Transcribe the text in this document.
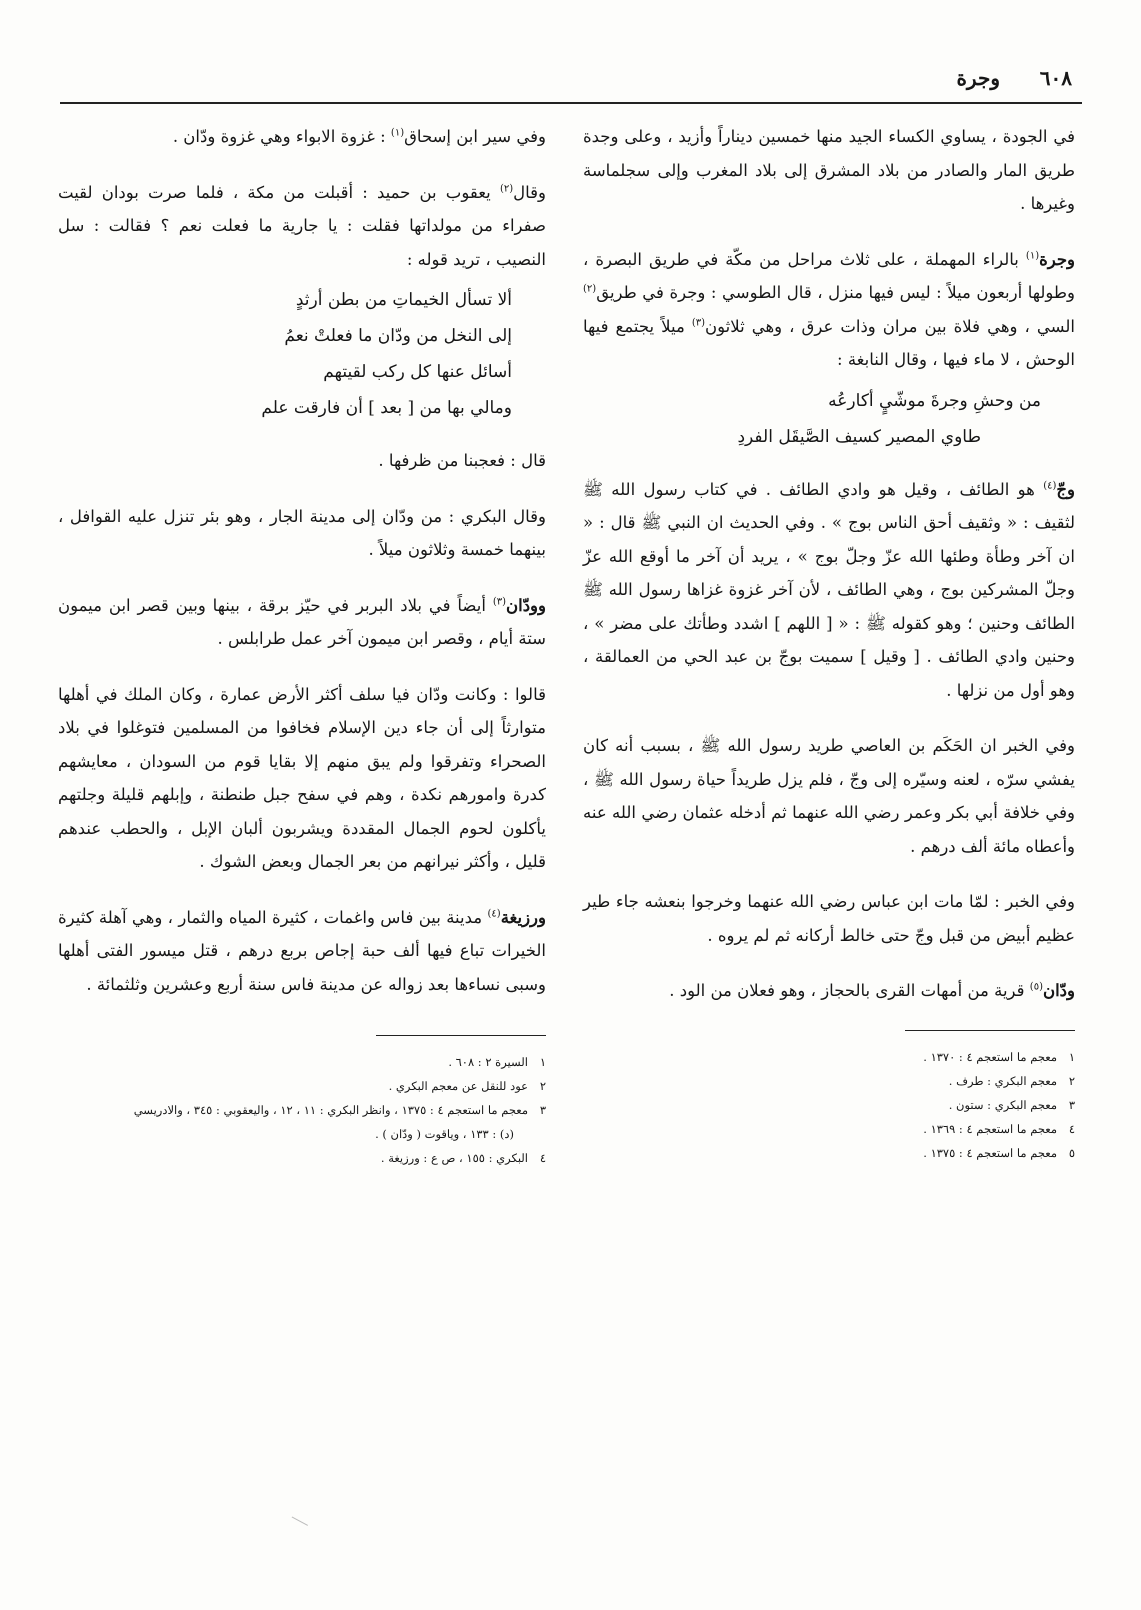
٦٠٨
وجرة

في الجودة ، يساوي الكساء الجيد منها خمسين ديناراً وأزيد ، وعلى وجدة طريق المار والصادر من بلاد المشرق إلى بلاد المغرب وإلى سجلماسة وغيرها .

وجرة$^{(١)}$ بالراء المهملة ، على ثلاث مراحل من مكّة في طريق البصرة ، وطولها أربعون ميلاً : ليس فيها منزل ، قال الطوسي : وجرة في طريق$^{(٢)}$ السي ، وهي فلاة بين مران وذات عرق ، وهي ثلاثون$^{(٣)}$ ميلاً يجتمع فيها الوحش ، لا ماء فيها ، وقال النابغة :

من وحشِ وجرةَ موشّيٍ أكارعُه
طاوي المصير كسيف الصَّيقَل الفردِ

وجّ$^{(٤)}$ هو الطائف ، وقيل هو وادي الطائف . في كتاب رسول الله ﷺ لثقيف : « وثقيف أحق الناس بوج » . وفي الحديث ان النبي ﷺ قال : « ان آخر وطأة وطئها الله عزّ وجلّ بوج » ، يريد أن آخر ما أوقع الله عزّ وجلّ المشركين بوج ، وهي الطائف ، لأن آخر غزوة غزاها رسول الله ﷺ الطائف وحنين ؛ وهو كقوله ﷺ : « [ اللهم ] اشدد وطأتك على مضر » ، وحنين وادي الطائف . [ وقيل ] سميت بوجّ بن عبد الحي من العمالقة ، وهو أول من نزلها .

وفي الخبر ان الحَكَم بن العاصي طريد رسول الله ﷺ ، بسبب أنه كان يفشي سرّه ، لعنه وسيّره إلى وجّ ، فلم يزل طريداً حياة رسول الله ﷺ ، وفي خلافة أبي بكر وعمر رضي الله عنهما ثم أدخله عثمان رضي الله عنه وأعطاه مائة ألف درهم .

وفي الخبر : لمّا مات ابن عباس رضي الله عنهما وخرجوا بنعشه جاء طير عظيم أبيض من قبل وجّ حتى خالط أركانه ثم لم يروه .

ودّان$^{(٥)}$ قرية من أمهات القرى بالحجاز ، وهو فعلان من الود .

١معجم ما استعجم ٤ : ١٣٧٠ .
٢معجم البكري : طرف .
٣معجم البكري : ستون .
٤معجم ما استعجم ٤ : ١٣٦٩ .
٥معجم ما استعجم ٤ : ١٣٧٥ .

وفي سير ابن إسحاق$^{(١)}$ : غزوة الابواء وهي غزوة ودّان .

وقال$^{(٢)}$ يعقوب بن حميد : أقبلت من مكة ، فلما صرت بودان لقيت صفراء من مولداتها فقلت : يا جارية ما فعلت نعم ؟ فقالت : سل النصيب ، تريد قوله :

ألا تسأل الخيماتِ من بطن أرثدٍ
إلى النخل من ودّان ما فعلتْ نعمُ
أسائل عنها كل ركب لقيتهم
ومالي بها من [ بعد ] أن فارقت علم

قال : فعجبنا من ظرفها .

وقال البكري : من ودّان إلى مدينة الجار ، وهو بئر تنزل عليه القوافل ، بينهما خمسة وثلاثون ميلاً .

وودّان$^{(٣)}$ أيضاً في بلاد البربر في حيّز برقة ، بينها وبين قصر ابن ميمون ستة أيام ، وقصر ابن ميمون آخر عمل طرابلس .

قالوا : وكانت ودّان فيا سلف أكثر الأرض عمارة ، وكان الملك في أهلها متوارثاً إلى أن جاء دين الإسلام فخافوا من المسلمين فتوغلوا في بلاد الصحراء وتفرقوا ولم يبق منهم إلا بقايا قوم من السودان ، معايشهم كدرة وامورهم نكدة ، وهم في سفح جبل طنطنة ، وإبلهم قليلة وجلتهم يأكلون لحوم الجمال المقددة ويشربون ألبان الإبل ، والحطب عندهم قليل ، وأكثر نيرانهم من بعر الجمال وبعض الشوك .

ورزيغة$^{(٤)}$ مدينة بين فاس واغمات ، كثيرة المياه والثمار ، وهي آهلة كثيرة الخيرات تباع فيها ألف حبة إجاص بربع درهم ، قتل ميسور الفتى أهلها وسبى نساءها بعد زواله عن مدينة فاس سنة أربع وعشرين وثلثمائة .

١السيرة ٢ : ٦٠٨ .
٢عود للنقل عن معجم البكري .
٣معجم ما استعجم ٤ : ١٣٧٥ ، وانظر البكري : ١١ ، ١٢ ، واليعقوبي : ٣٤٥ ، والادريسي
(د) : ١٣٣ ، وياقوت ( ودّان ) .
٤البكري : ١٥٥ ، ص ع : ورزيغة .
